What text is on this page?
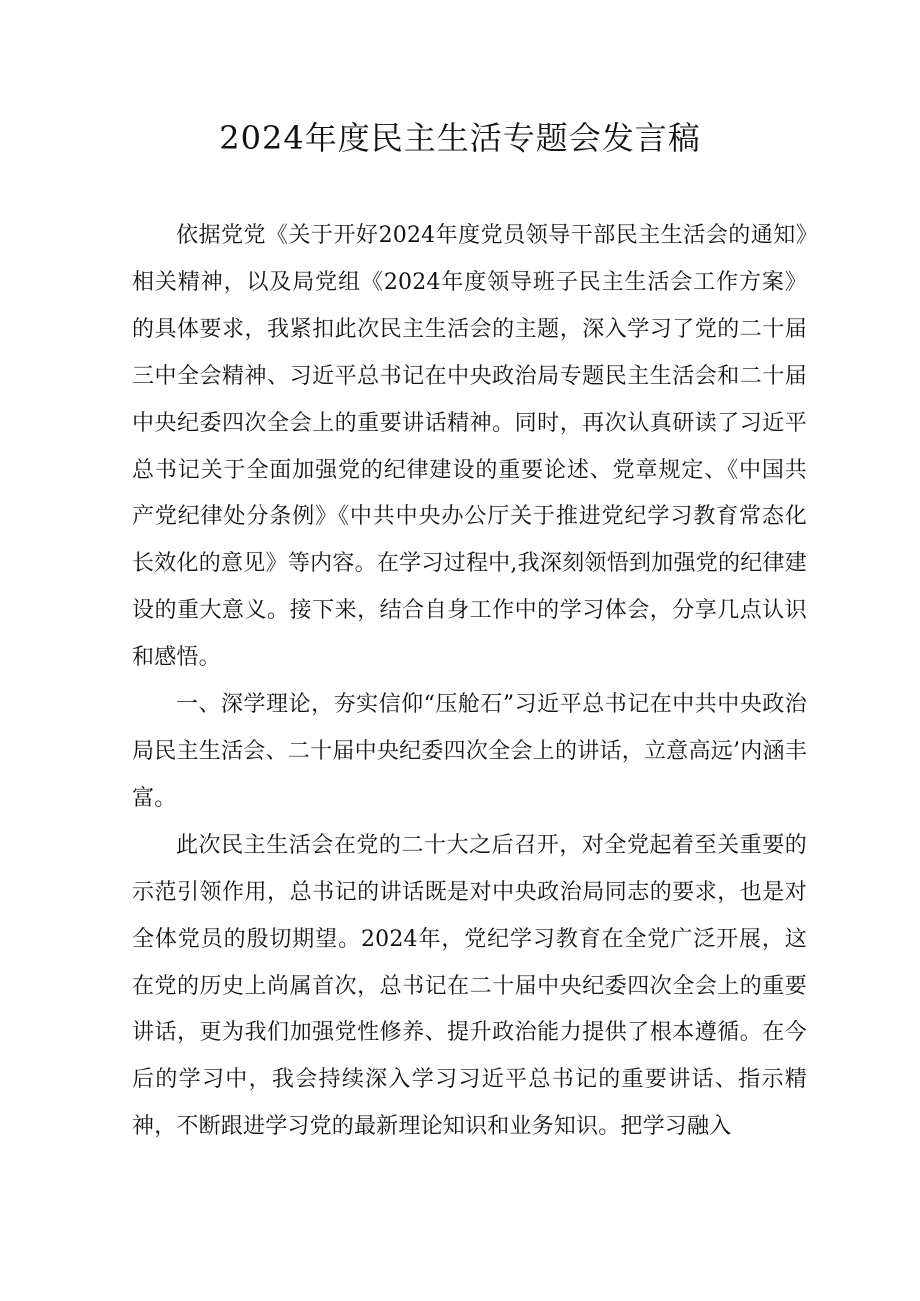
2024年度民主生活专题会发言稿

依据党党《关于开好2024年度党员领导干部民主生活会的通知》相关精神，以及局党组《2024年度领导班子民主生活会工作方案》的具体要求，我紧扣此次民主生活会的主题，深入学习了党的二十届三中全会精神、习近平总书记在中央政治局专题民主生活会和二十届中央纪委四次全会上的重要讲话精神。同时，再次认真研读了习近平总书记关于全面加强党的纪律建设的重要论述、党章规定、《中国共产党纪律处分条例》《中共中央办公厅关于推进党纪学习教育常态化长效化的意见》等内容。在学习过程中,我深刻领悟到加强党的纪律建设的重大意义。接下来，结合自身工作中的学习体会，分享几点认识和感悟。

一、深学理论，夯实信仰“压舱石”习近平总书记在中共中央政治局民主生活会、二十届中央纪委四次全会上的讲话，立意高远’内涵丰富。

此次民主生活会在党的二十大之后召开，对全党起着至关重要的示范引领作用，总书记的讲话既是对中央政治局同志的要求，也是对全体党员的殷切期望。2024年，党纪学习教育在全党广泛开展，这在党的历史上尚属首次，总书记在二十届中央纪委四次全会上的重要讲话，更为我们加强党性修养、提升政治能力提供了根本遵循。在今后的学习中，我会持续深入学习习近平总书记的重要讲话、指示精神，不断跟进学习党的最新理论知识和业务知识。把学习融入
